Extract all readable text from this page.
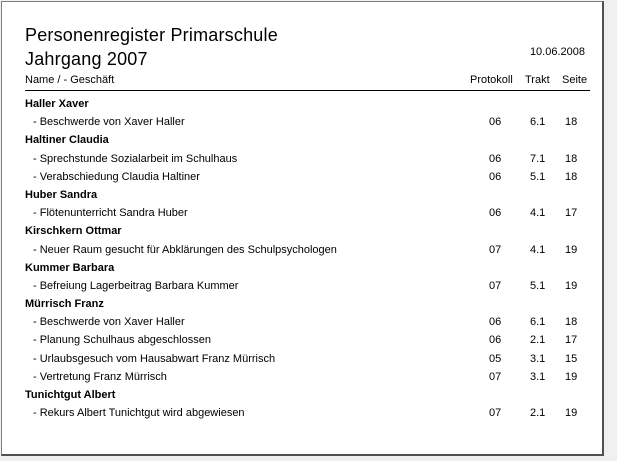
Personenregister Primarschule
Jahrgang 2007	10.06.2008
Name / - Geschäft	Protokoll Trakt Seite
Haller Xaver
- Beschwerde von Xaver Haller	06	6.1 18
Haltiner Claudia
- Sprechstunde Sozialarbeit im Schulhaus	06	7.1 18
- Verabschiedung Claudia Haltiner	06	5.1 18
Huber Sandra
- Flötenunterricht Sandra Huber	06	4.1 17
Kirschkern Ottmar
- Neuer Raum gesucht für Abklärungen des Schulpsychologen	07	4.1 19
Kummer Barbara
- Befreiung Lagerbeitrag Barbara Kummer	07	5.1 19
Mürrisch Franz
- Beschwerde von Xaver Haller	06	6.1 18
- Planung Schulhaus abgeschlossen	06	2.1 17
- Urlaubsgesuch vom Hausabwart Franz Mürrisch	05	3.1 15
- Vertretung Franz Mürrisch	07	3.1 19
Tunichtgut Albert
- Rekurs Albert Tunichtgut wird abgewiesen	07	2.1 19
